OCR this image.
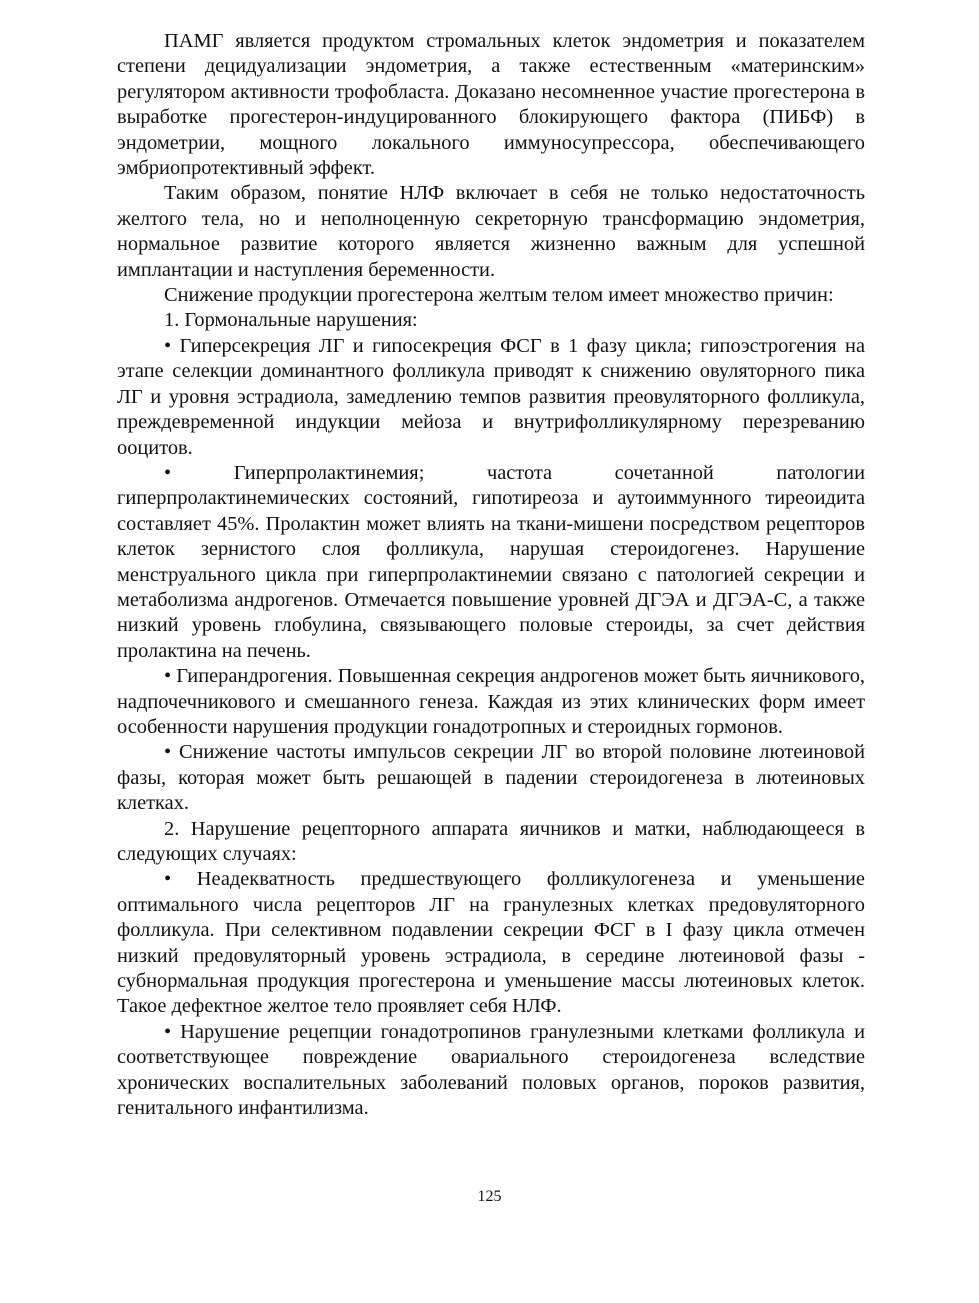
ПАМГ является продуктом стромальных клеток эндометрия и показателем степени децидуализации эндометрия, а также естественным «материнским» регулятором активности трофобласта. Доказано несомненное участие прогестерона в выработке прогестерон-индуцированного блокирующего фактора (ПИБФ) в эндометрии, мощного локального иммуносупрессора, обеспечивающего эмбриопротективный эффект.

Таким образом, понятие НЛФ включает в себя не только недостаточность желтого тела, но и неполноценную секреторную трансформацию эндометрия, нормальное развитие которого является жизненно важным для успешной имплантации и наступления беременности.

Снижение продукции прогестерона желтым телом имеет множество причин:

1. Гормональные нарушения:

• Гиперсекреция ЛГ и гипосекреция ФСГ в 1 фазу цикла; гипоэстрогения на этапе селекции доминантного фолликула приводят к снижению овуляторного пика ЛГ и уровня эстрадиола, замедлению темпов развития преовуляторного фолликула, преждевременной индукции мейоза и внутрифолликулярному перезреванию ооцитов.

• Гиперпролактинемия; частота сочетанной патологии гиперпролактинемических состояний, гипотиреоза и аутоиммунного тиреоидита составляет 45%. Пролактин может влиять на ткани-мишени посредством рецепторов клеток зернистого слоя фолликула, нарушая стероидогенез. Нарушение менструального цикла при гиперпролактинемии связано с патологией секреции и метаболизма андрогенов. Отмечается повышение уровней ДГЭА и ДГЭА-С, а также низкий уровень глобулина, связывающего половые стероиды, за счет действия пролактина на печень.

• Гиперандрогения. Повышенная секреция андрогенов может быть яичникового, надпочечникового и смешанного генеза. Каждая из этих клинических форм имеет особенности нарушения продукции гонадотропных и стероидных гормонов.

• Снижение частоты импульсов секреции ЛГ во второй половине лютеиновой фазы, которая может быть решающей в падении стероидогенеза в лютеиновых клетках.

2. Нарушение рецепторного аппарата яичников и матки, наблюдающееся в следующих случаях:

• Неадекватность предшествующего фолликулогенеза и уменьшение оптимального числа рецепторов ЛГ на гранулезных клетках предовуляторного фолликула. При селективном подавлении секреции ФСГ в I фазу цикла отмечен низкий предовуляторный уровень эстрадиола, в середине лютеиновой фазы - субнормальная продукция прогестерона и уменьшение массы лютеиновых клеток. Такое дефектное желтое тело проявляет себя НЛФ.

• Нарушение рецепции гонадотропинов гранулезными клетками фолликула и соответствующее повреждение овариального стероидогенеза вследствие хронических воспалительных заболеваний половых органов, пороков развития, генитального инфантилизма.

125
